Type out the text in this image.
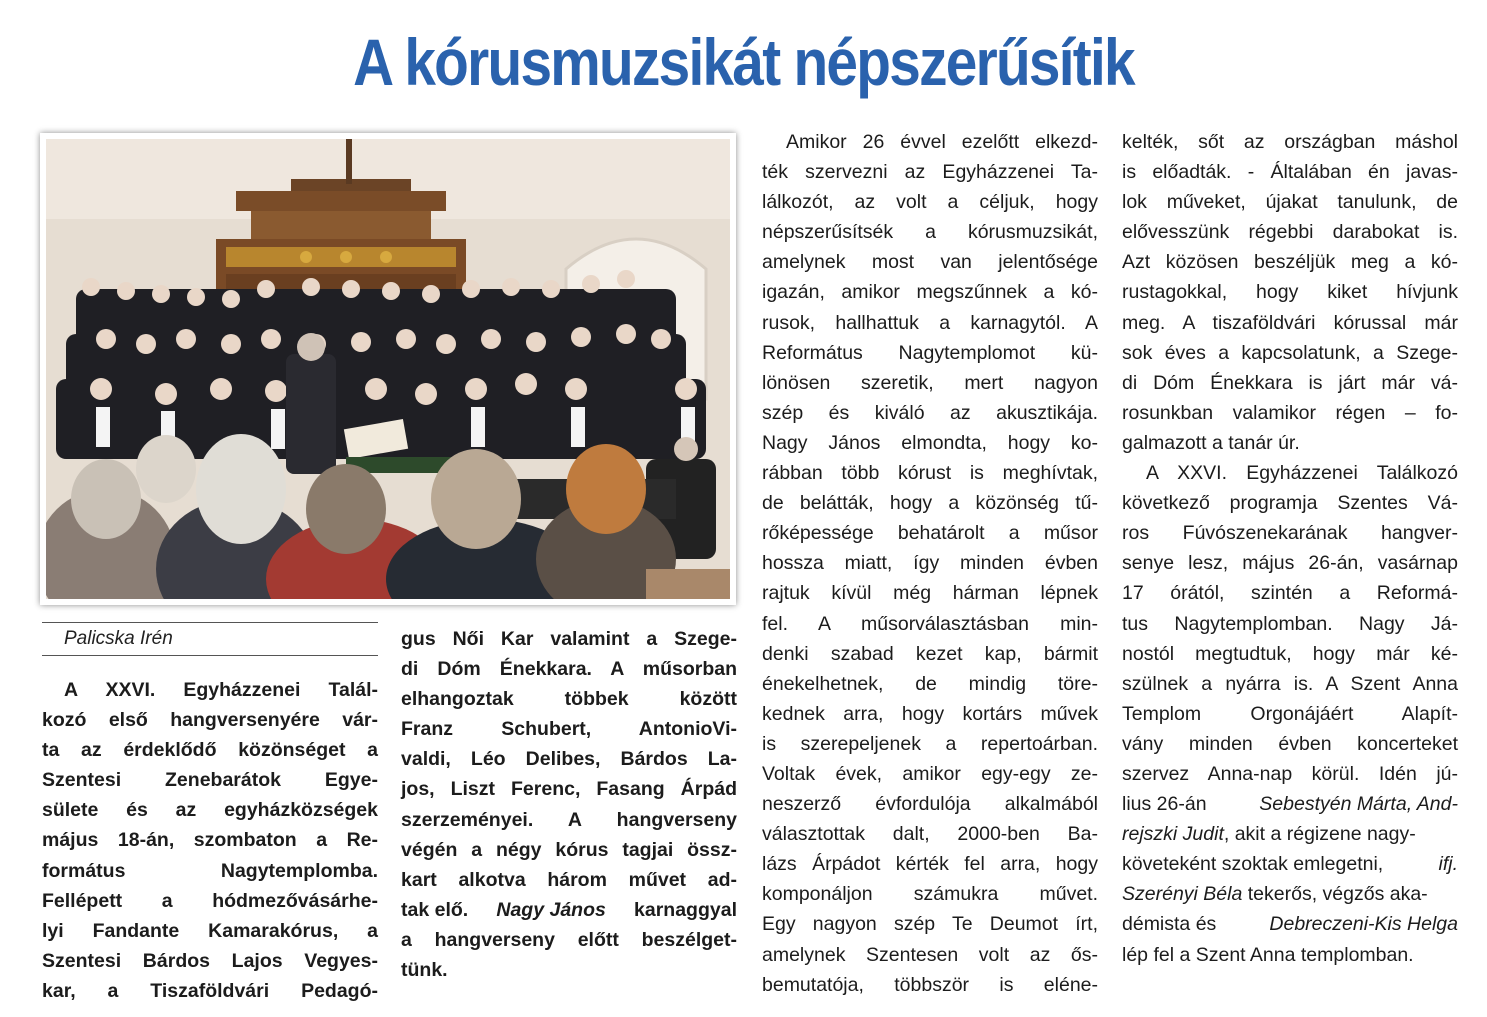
A kórusmuzsikát népszerűsítik
Palicska Irén
A XXVI. Egyházzenei Talál-
kozó első hangversenyére vár-
ta az érdeklődő közönséget a
Szentesi Zenebarátok Egye-
sülete és az egyházközségek
május 18-án, szombaton a Re-
formátus Nagytemplomba.
Fellépett a hódmezővásárhe-
lyi Fandante Kamarakórus, a
Szentesi Bárdos Lajos Vegyes-
kar, a Tiszaföldvári Pedagó-
gus Női Kar valamint a Szege-
di Dóm Énekkara. A műsorban
elhangoztak többek között
Franz Schubert, AntonioVi-
valdi, Léo Delibes, Bárdos La-
jos, Liszt Ferenc, Fasang Árpád
szerzeményei. A hangverseny
végén a négy kórus tagjai össz-
kart alkotva három művet ad-
tak elő. Nagy János karnaggyal
a hangverseny előtt beszélget-
tünk.
Amikor 26 évvel ezelőtt elkezd-
ték szervezni az Egyházzenei Ta-
lálkozót, az volt a céljuk, hogy
népszerűsítsék a kórusmuzsikát,
amelynek most van jelentősége
igazán, amikor megszűnnek a kó-
rusok, hallhattuk a karnagytól. A
Református Nagytemplomot kü-
lönösen szeretik, mert nagyon
szép és kiváló az akusztikája.
Nagy János elmondta, hogy ko-
rábban több kórust is meghívtak,
de belátták, hogy a közönség tű-
rőképessége behatárolt a műsor
hossza miatt, így minden évben
rajtuk kívül még hárman lépnek
fel. A műsorválasztásban min-
denki szabad kezet kap, bármit
énekelhetnek, de mindig töre-
kednek arra, hogy kortárs művek
is szerepeljenek a repertoárban.
Voltak évek, amikor egy-egy ze-
neszerző évfordulója alkalmából
választottak dalt, 2000-ben Ba-
lázs Árpádot kérték fel arra, hogy
komponáljon számukra művet.
Egy nagyon szép Te Deumot írt,
amelynek Szentesen volt az ős-
bemutatója, többször is eléne-
kelték, sőt az országban máshol
is előadták. - Általában én javas-
lok műveket, újakat tanulunk, de
elővesszünk régebbi darabokat is.
Azt közösen beszéljük meg a kó-
rustagokkal, hogy kiket hívjunk
meg. A tiszaföldvári kórussal már
sok éves a kapcsolatunk, a Szege-
di Dóm Énekkara is járt már vá-
rosunkban valamikor régen – fo-
galmazott a tanár úr.
A XXVI. Egyházzenei Találkozó
következő programja Szentes Vá-
ros Fúvószenekarának hangver-
senye lesz, május 26-án, vasárnap
17 órától, szintén a Reformá-
tus Nagytemplomban. Nagy Já-
nostól megtudtuk, hogy már ké-
szülnek a nyárra is. A Szent Anna
Templom Orgonájáért Alapít-
vány minden évben koncerteket
szervez Anna-nap körül. Idén jú-
lius 26-án	Sebestyén Márta, And-
rejszki Judit, akit a régizene nagy-
követeként szoktak emlegetni,	ifj.
Szerényi Béla tekerős, végzős aka-
démista és	Debreczeni-Kis Helga
lép fel a Szent Anna templomban.
